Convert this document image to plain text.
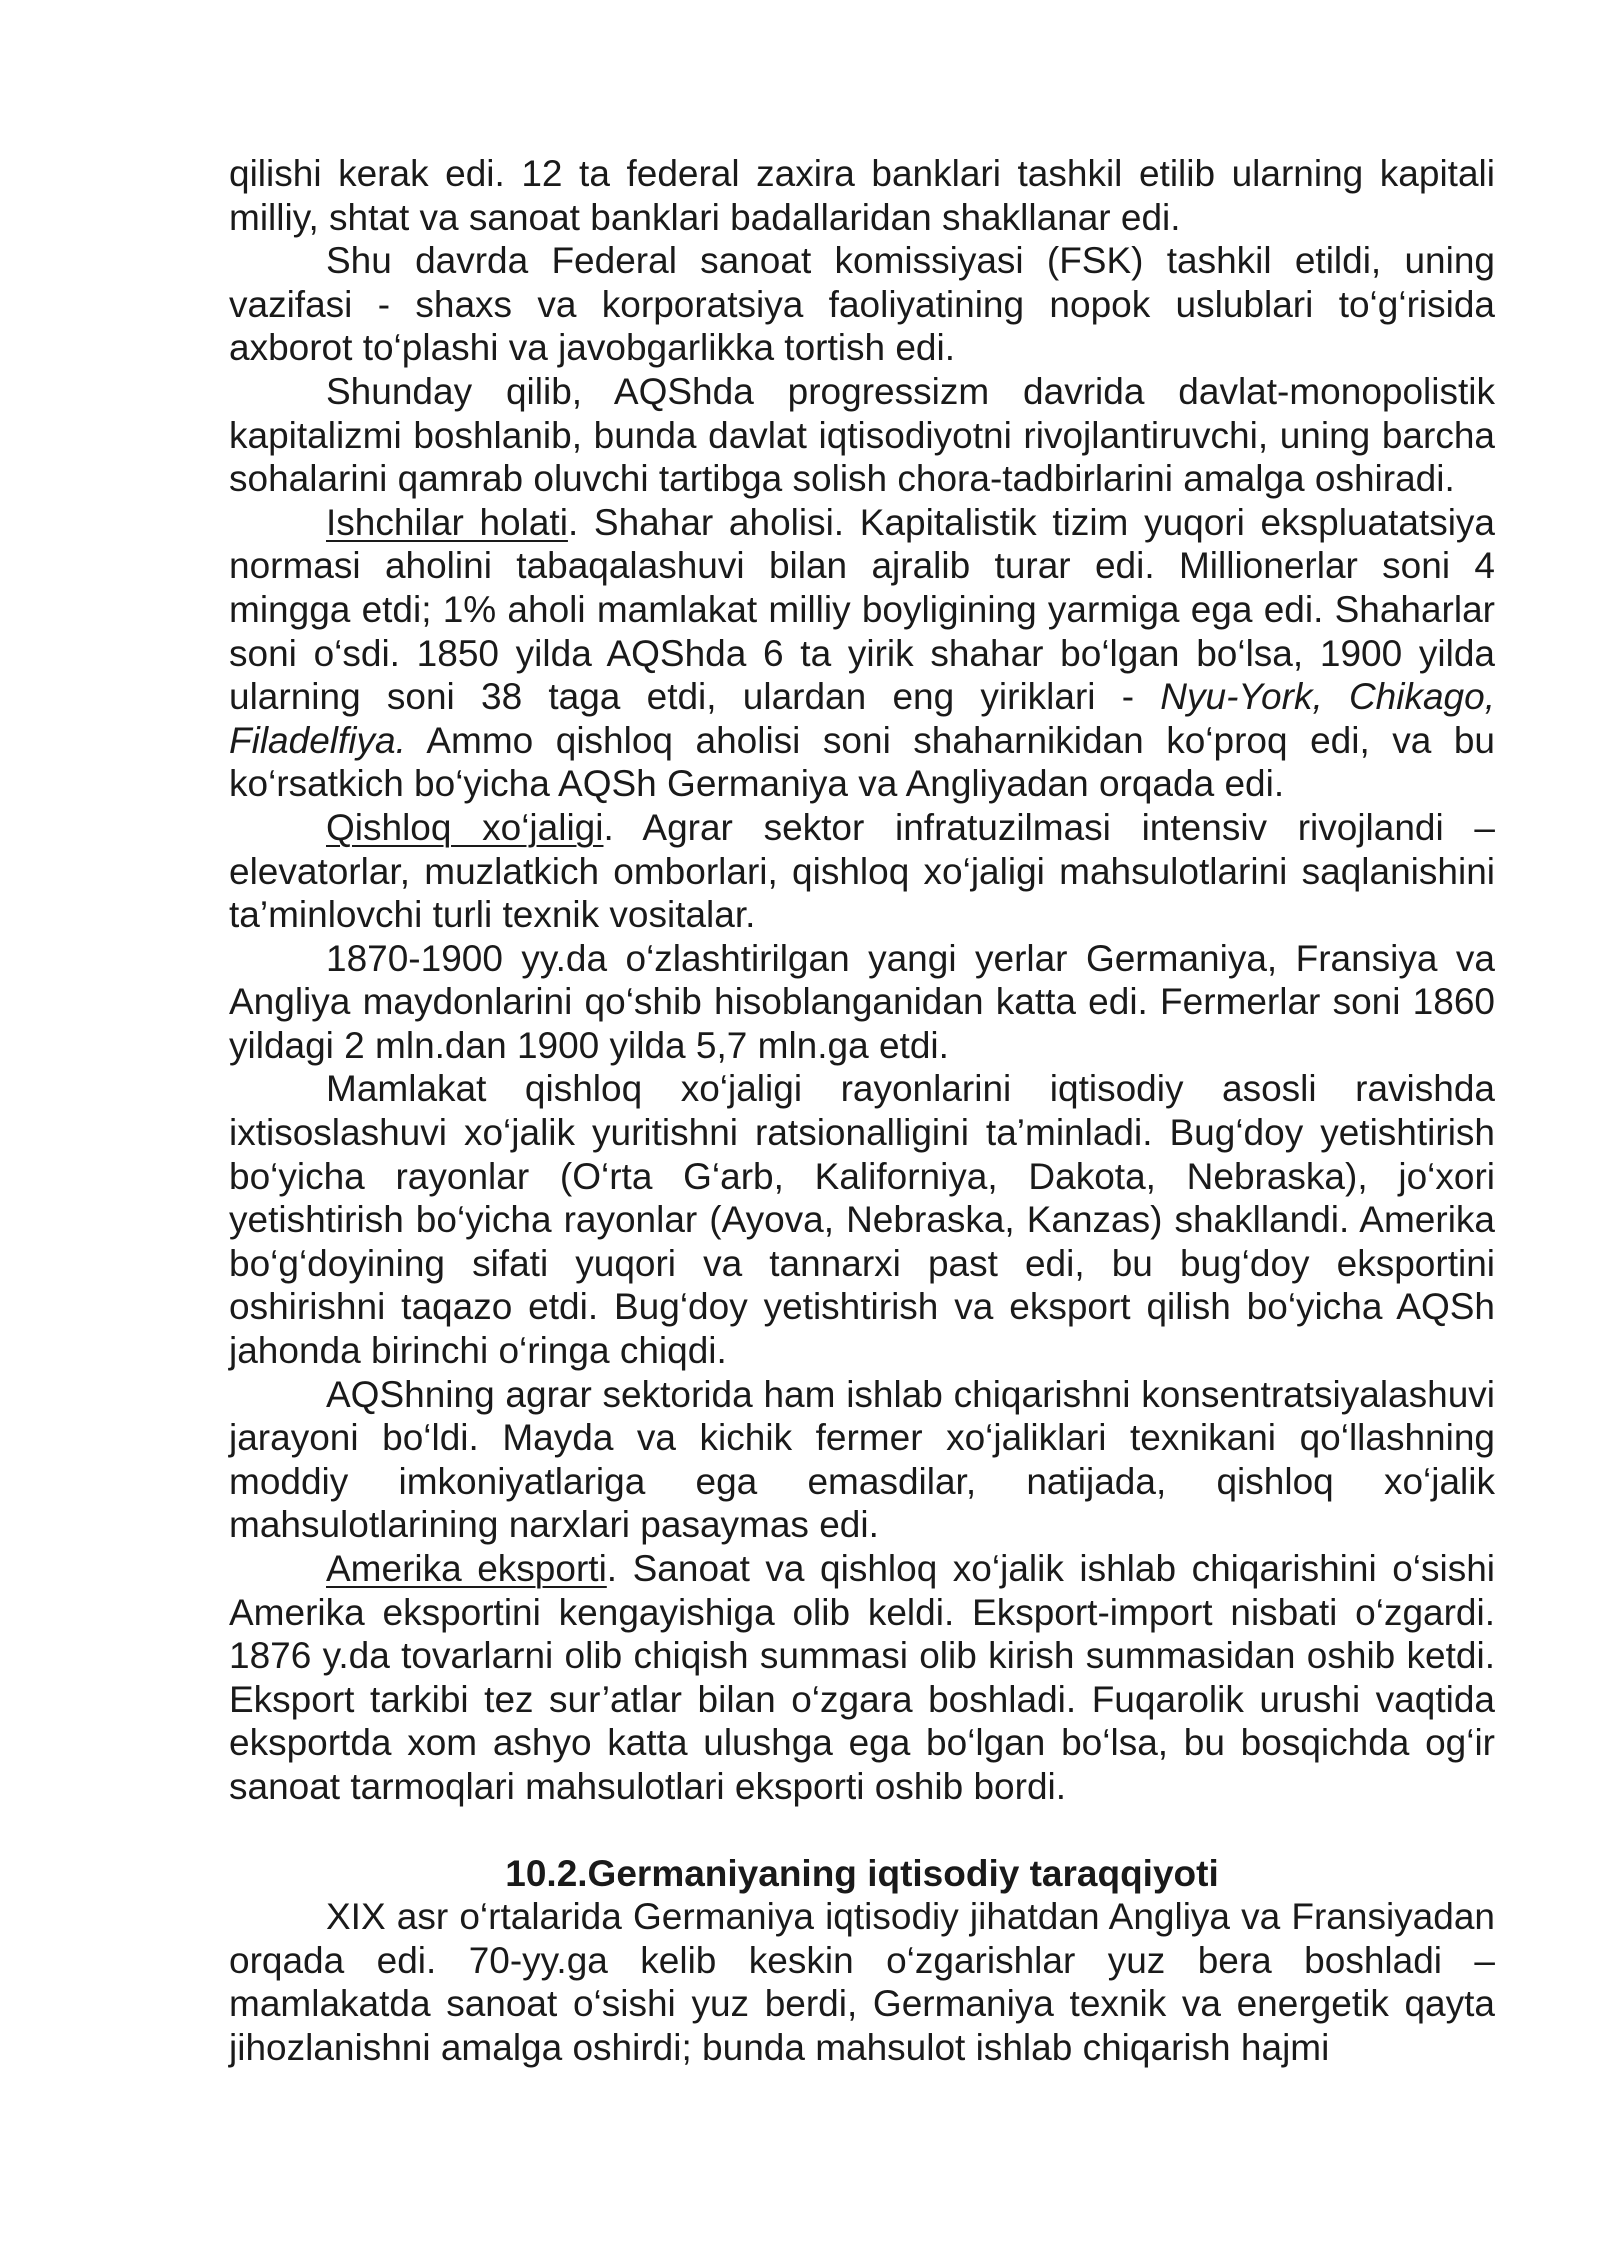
qilishi kerak edi. 12 ta federal zaxira banklari tashkil etilib ularning kapitali milliy, shtat va sanoat banklari badallaridan shakllanar edi.

Shu davrda Federal sanoat komissiyasi (FSK) tashkil etildi, uning vazifasi - shaxs va korporatsiya faoliyatining nopok uslublari to‘g‘risida axborot to‘plashi va javobgarlikka tortish edi.

Shunday qilib, AQShda progressizm davrida davlat-monopolistik kapitalizmi boshlanib, bunda davlat iqtisodiyotni rivojlantiruvchi, uning barcha sohalarini qamrab oluvchi tartibga solish chora-tadbirlarini amalga oshiradi.

Ishchilar holati. Shahar aholisi. Kapitalistik tizim yuqori ekspluatatsiya normasi aholini tabaqalashuvi bilan ajralib turar edi. Millionerlar soni 4 mingga etdi; 1% aholi mamlakat milliy boyligining yarmiga ega edi. Shaharlar soni o‘sdi. 1850 yilda AQShda 6 ta yirik shahar bo‘lgan bo‘lsa, 1900 yilda ularning soni 38 taga etdi, ulardan eng yiriklari - Nyu-York, Chikago, Filadelfiya. Ammo qishloq aholisi soni shaharnikidan ko‘proq edi, va bu ko‘rsatkich bo‘yicha AQSh Germaniya va Angliyadan orqada edi.

Qishloq xo‘jaligi. Agrar sektor infratuzilmasi intensiv rivojlandi – elevatorlar, muzlatkich omborlari, qishloq xo‘jaligi mahsulotlarini saqlanishini ta’minlovchi turli texnik vositalar.

1870-1900 yy.da o‘zlashtirilgan yangi yerlar Germaniya, Fransiya va Angliya maydonlarini qo‘shib hisoblanganidan katta edi. Fermerlar soni 1860 yildagi 2 mln.dan 1900 yilda 5,7 mln.ga etdi.

Mamlakat qishloq xo‘jaligi rayonlarini iqtisodiy asosli ravishda ixtisoslashuvi xo‘jalik yuritishni ratsionalligini ta’minladi. Bug‘doy yetishtirish bo‘yicha rayonlar (O‘rta G‘arb, Kaliforniya, Dakota, Nebraska), jo‘xori yetishtirish bo‘yicha rayonlar (Ayova, Nebraska, Kanzas) shakllandi. Amerika bo‘g‘doyining sifati yuqori va tannarxi past edi, bu bug‘doy eksportini oshirishni taqazo etdi. Bug‘doy yetishtirish va eksport qilish bo‘yicha AQSh jahonda birinchi o‘ringa chiqdi.

AQShning agrar sektorida ham ishlab chiqarishni konsentratsiyalashuvi jarayoni bo‘ldi. Mayda va kichik fermer xo‘jaliklari texnikani qo‘llashning moddiy imkoniyatlariga ega emasdilar, natijada, qishloq xo‘jalik mahsulotlarining narxlari pasaymas edi.

Amerika eksporti. Sanoat va qishloq xo‘jalik ishlab chiqarishini o‘sishi Amerika eksportini kengayishiga olib keldi. Eksport-import nisbati o‘zgardi. 1876 y.da tovarlarni olib chiqish summasi olib kirish summasidan oshib ketdi. Eksport tarkibi tez sur’atlar bilan o‘zgara boshladi. Fuqarolik urushi vaqtida eksportda xom ashyo katta ulushga ega bo‘lgan bo‘lsa, bu bosqichda og‘ir sanoat tarmoqlari mahsulotlari eksporti oshib bordi.

10.2.Germaniyaning iqtisodiy taraqqiyoti

XIX asr o‘rtalarida Germaniya iqtisodiy jihatdan Angliya va Fransiyadan orqada edi. 70-yy.ga kelib keskin o‘zgarishlar yuz bera boshladi – mamlakatda sanoat o‘sishi yuz berdi, Germaniya texnik va energetik qayta jihozlanishni amalga oshirdi; bunda mahsulot ishlab chiqarish hajmi
